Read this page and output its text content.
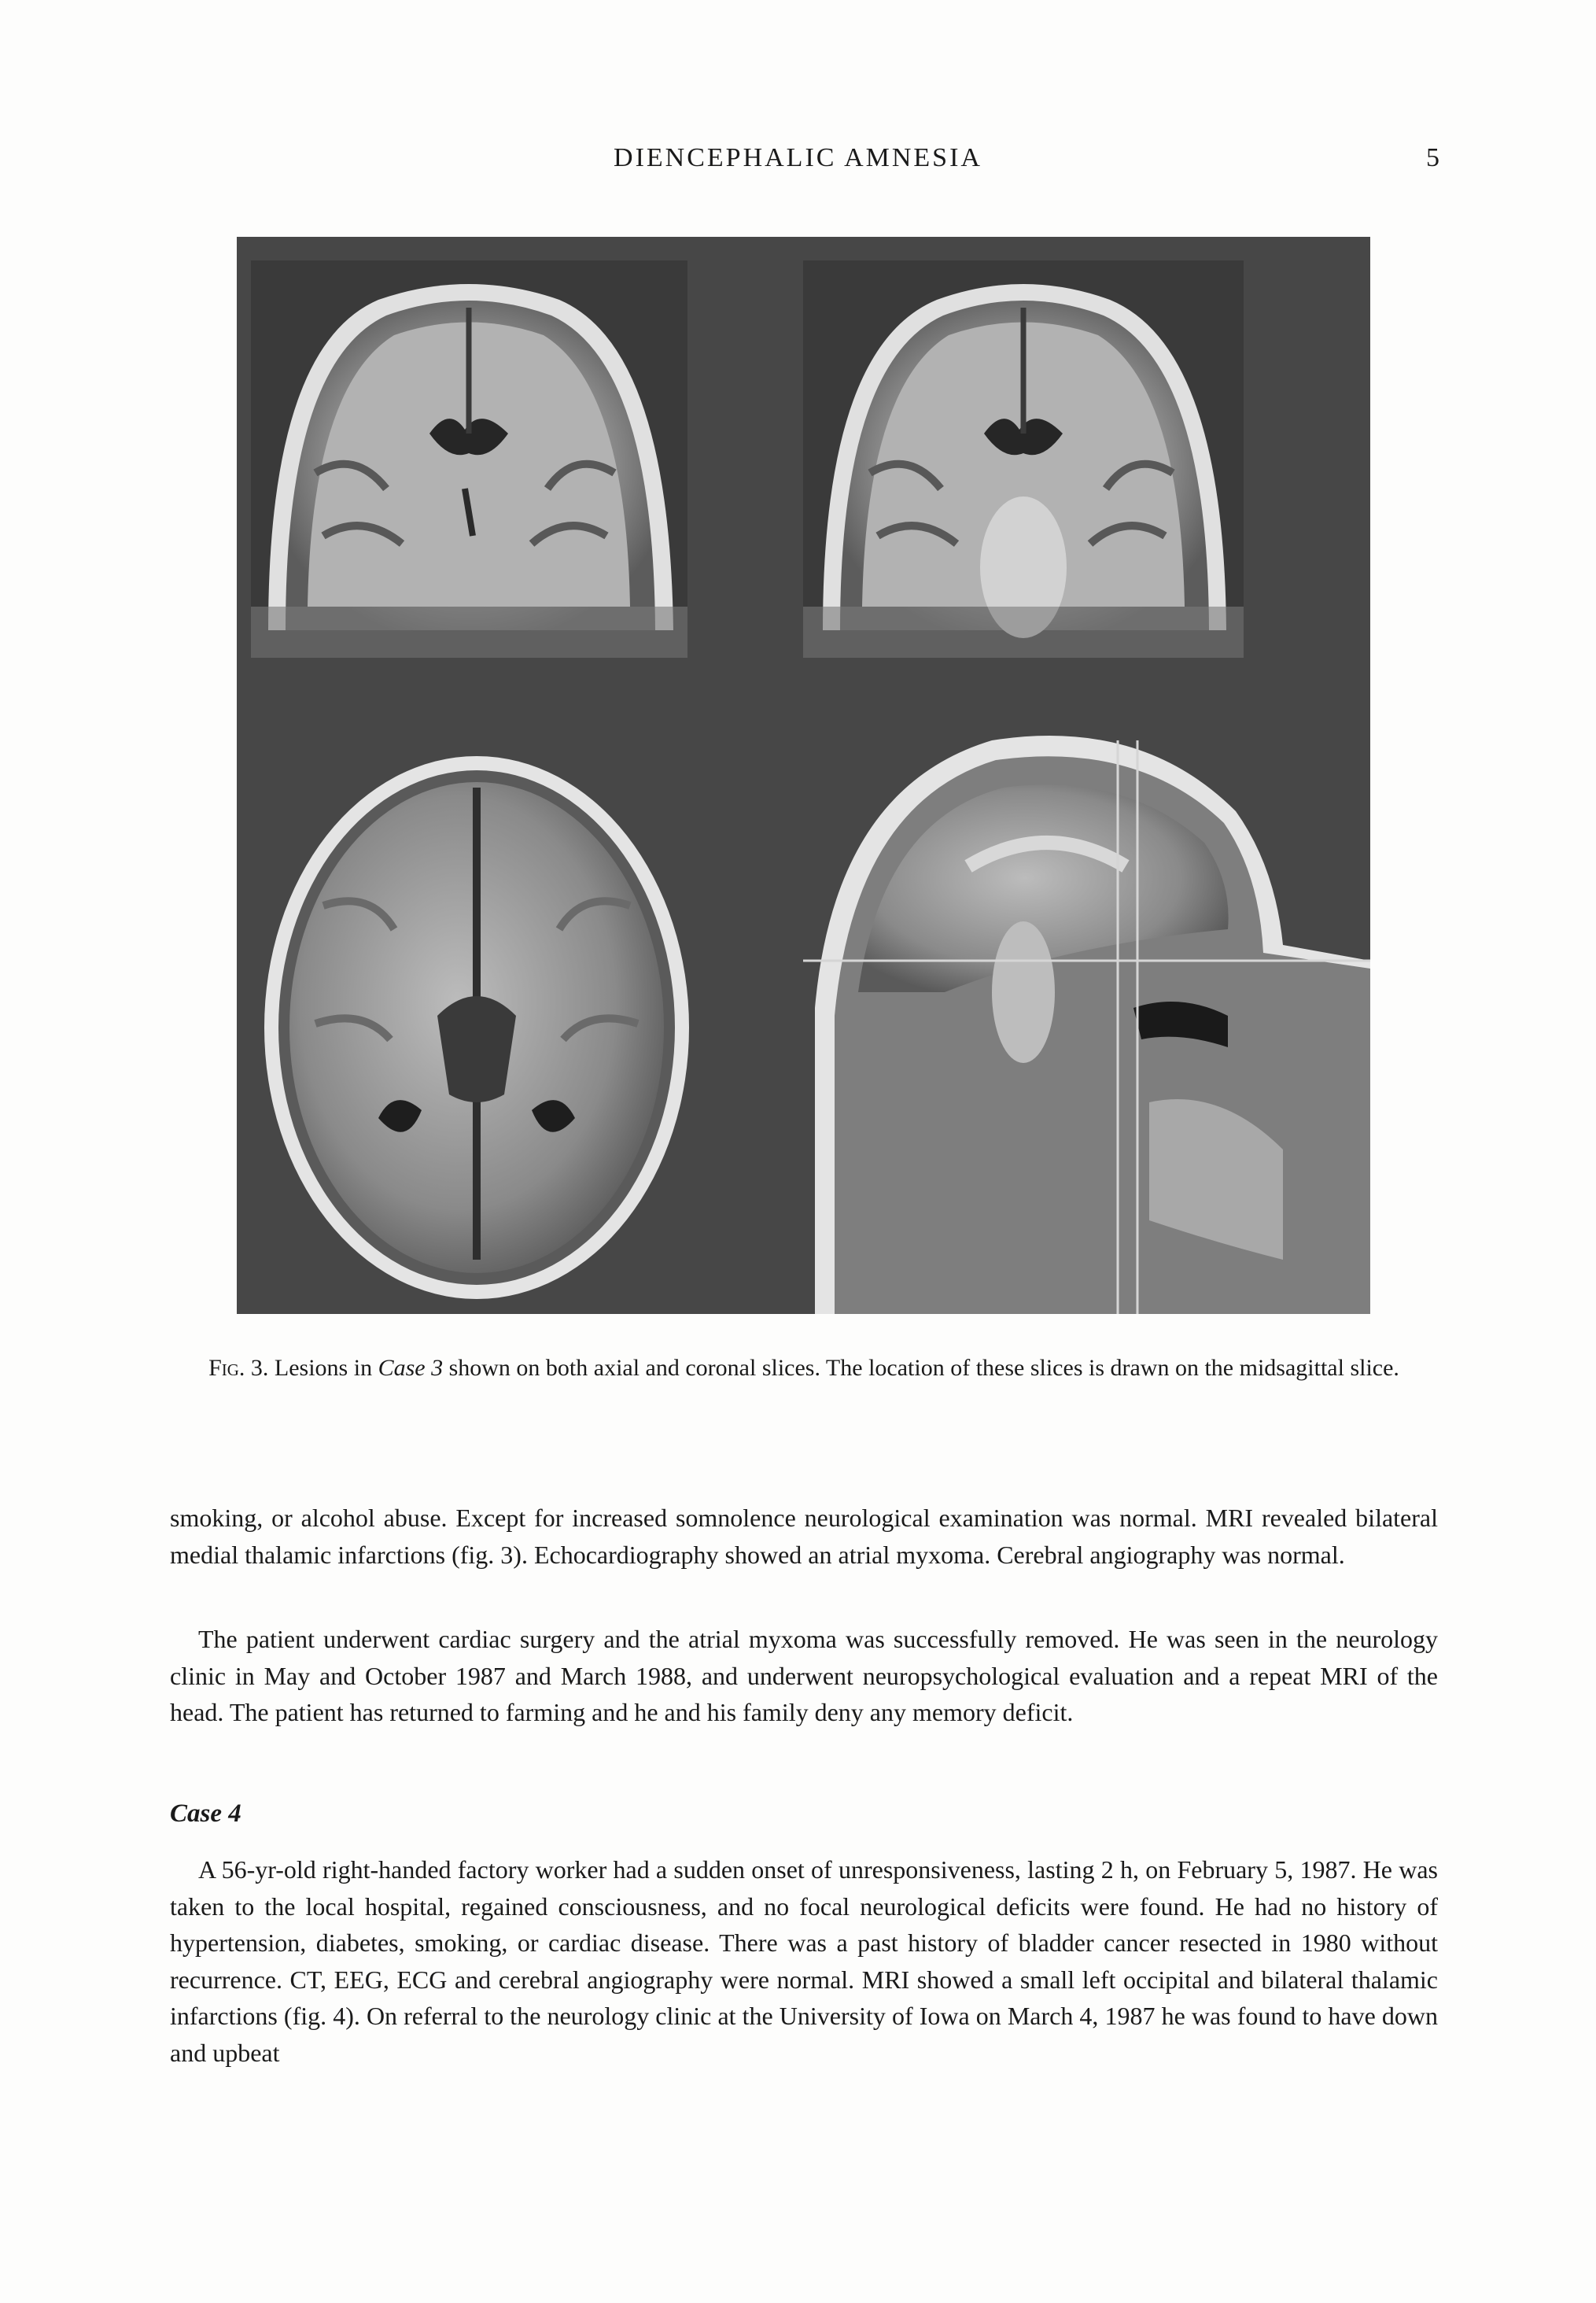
DIENCEPHALIC AMNESIA	5
Fig. 3. Lesions in Case 3 shown on both axial and coronal slices. The location of these slices is drawn on the midsagittal slice.

smoking, or alcohol abuse. Except for increased somnolence neurological examination was normal. MRI revealed bilateral medial thalamic infarctions (fig. 3). Echocardiography showed an atrial myxoma. Cerebral angiography was normal.

The patient underwent cardiac surgery and the atrial myxoma was successfully removed. He was seen in the neurology clinic in May and October 1987 and March 1988, and underwent neuropsychological evaluation and a repeat MRI of the head. The patient has returned to farming and he and his family deny any memory deficit.

Case 4

A 56-yr-old right-handed factory worker had a sudden onset of unresponsiveness, lasting 2 h, on February 5, 1987. He was taken to the local hospital, regained consciousness, and no focal neurological deficits were found. He had no history of hypertension, diabetes, smoking, or cardiac disease. There was a past history of bladder cancer resected in 1980 without recurrence. CT, EEG, ECG and cerebral angiography were normal. MRI showed a small left occipital and bilateral thalamic infarctions (fig. 4). On referral to the neurology clinic at the University of Iowa on March 4, 1987 he was found to have down and upbeat
